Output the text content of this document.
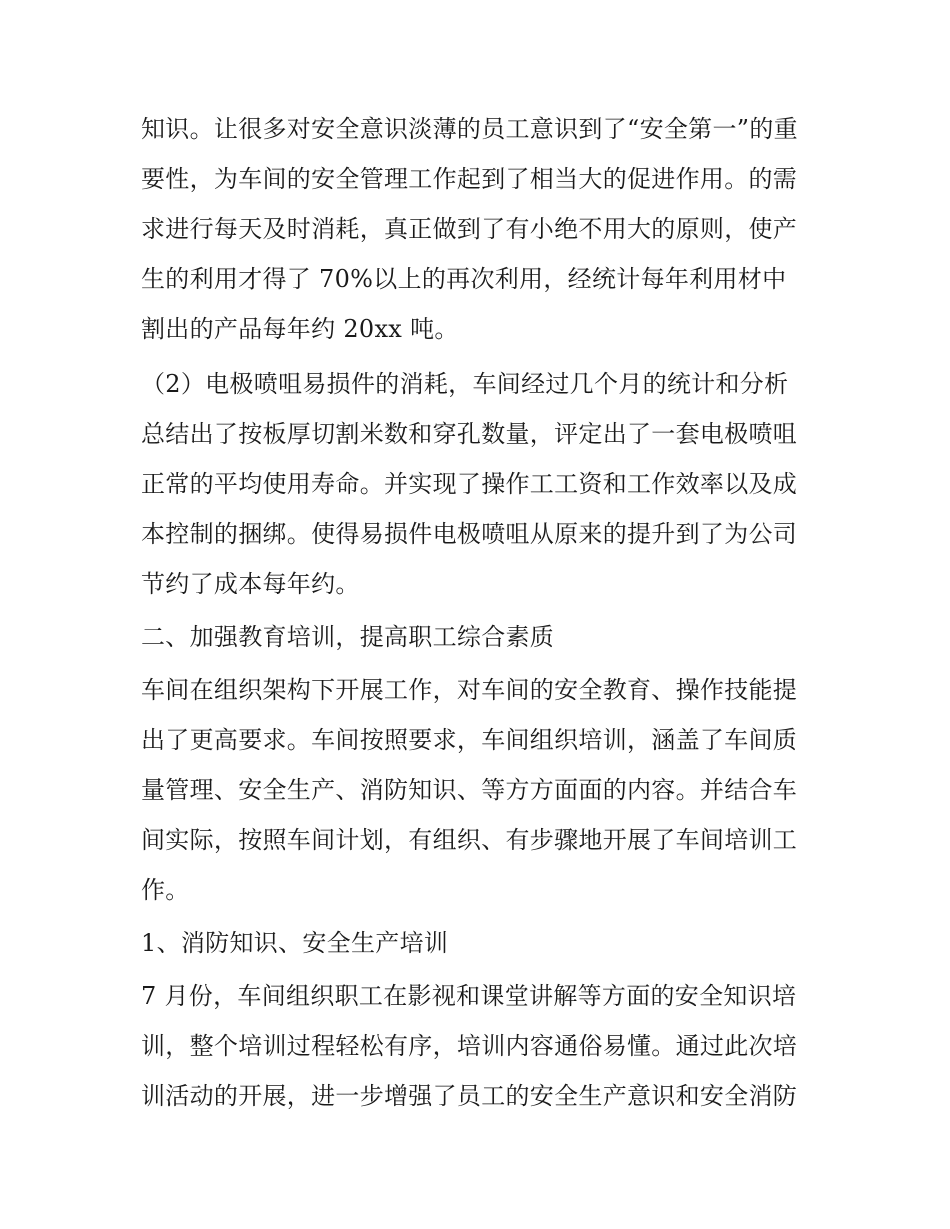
知识。让很多对安全意识淡薄的员工意识到了“安全第一”的重
要性，为车间的安全管理工作起到了相当大的促进作用。的需
求进行每天及时消耗，真正做到了有小绝不用大的原则，使产
生的利用才得了 70%以上的再次利用，经统计每年利用材中
割出的产品每年约 20xx 吨。
（2）电极喷咀易损件的消耗，车间经过几个月的统计和分析
总结出了按板厚切割米数和穿孔数量，评定出了一套电极喷咀
正常的平均使用寿命。并实现了操作工工资和工作效率以及成
本控制的捆绑。使得易损件电极喷咀从原来的提升到了为公司
节约了成本每年约。
二、加强教育培训，提高职工综合素质
车间在组织架构下开展工作，对车间的安全教育、操作技能提
出了更高要求。车间按照要求，车间组织培训，涵盖了车间质
量管理、安全生产、消防知识、等方方面面的内容。并结合车
间实际，按照车间计划，有组织、有步骤地开展了车间培训工
作。
1、消防知识、安全生产培训
7 月份，车间组织职工在影视和课堂讲解等方面的安全知识培
训，整个培训过程轻松有序，培训内容通俗易懂。通过此次培
训活动的开展，进一步增强了员工的安全生产意识和安全消防
